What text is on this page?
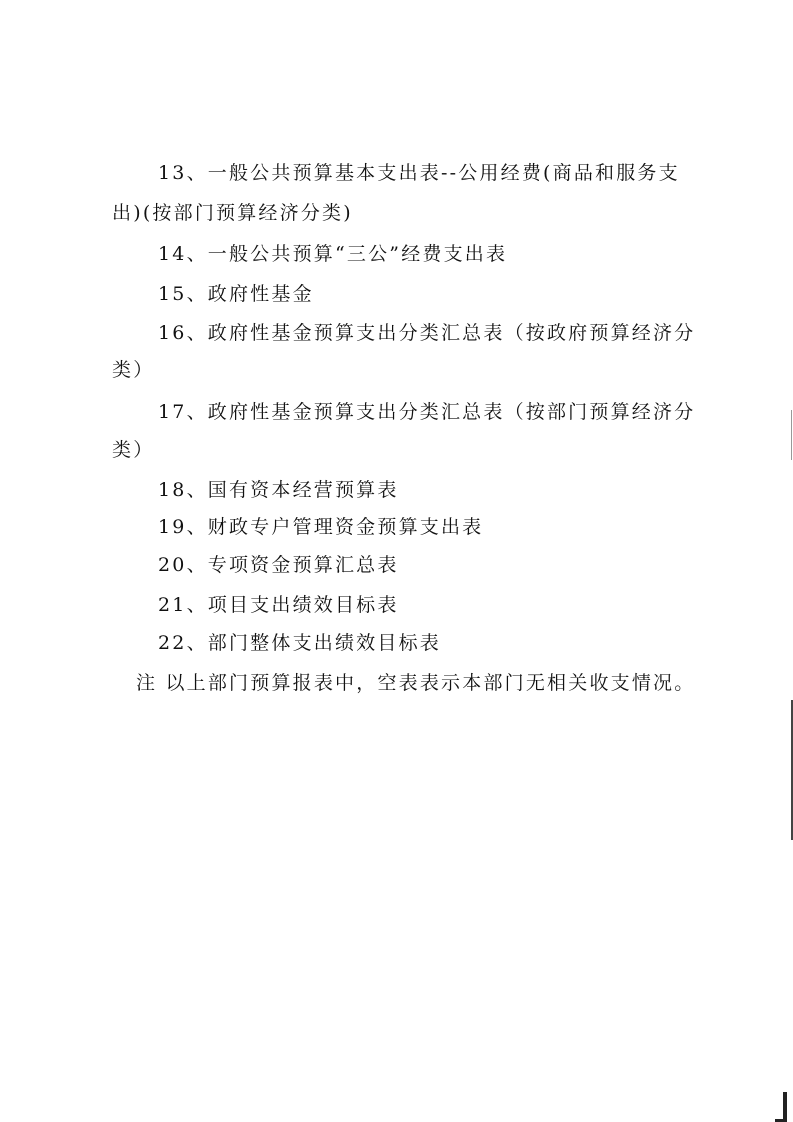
13、一般公共预算基本支出表--公用经费(商品和服务支
出)(按部门预算经济分类)
14、一般公共预算“三公”经费支出表
15、政府性基金
16、政府性基金预算支出分类汇总表（按政府预算经济分
类）
17、政府性基金预算支出分类汇总表（按部门预算经济分
类）
18、国有资本经营预算表
19、财政专户管理资金预算支出表
20、专项资金预算汇总表
21、项目支出绩效目标表
22、部门整体支出绩效目标表
注 以上部门预算报表中，空表表示本部门无相关收支情况。
